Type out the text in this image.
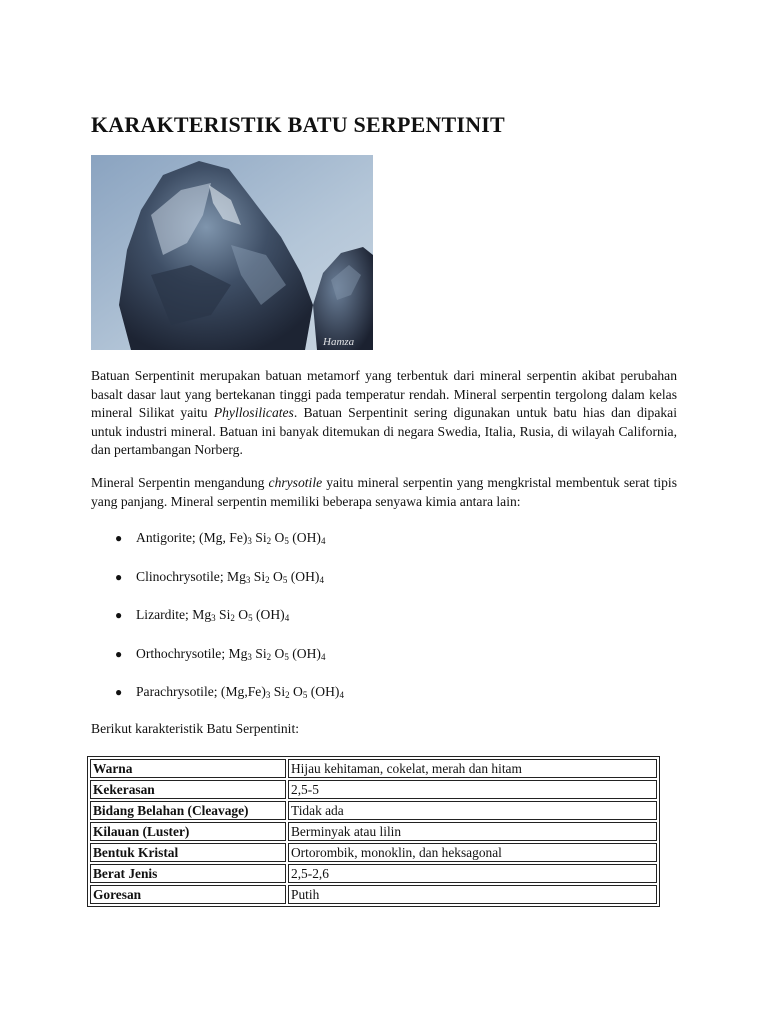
KARAKTERISTIK BATU SERPENTINIT
Hamza

Batuan Serpentinit merupakan batuan metamorf yang terbentuk dari mineral serpentin akibat perubahan basalt dasar laut yang bertekanan tinggi pada temperatur rendah. Mineral serpentin tergolong dalam kelas mineral Silikat yaitu Phyllosilicates. Batuan Serpentinit sering digunakan untuk batu hias dan dipakai untuk industri mineral. Batuan ini banyak ditemukan di negara Swedia, Italia, Rusia, di wilayah California, dan pertambangan Norberg.

Mineral Serpentin mengandung chrysotile yaitu mineral serpentin yang mengkristal membentuk serat tipis yang panjang. Mineral serpentin memiliki beberapa senyawa kimia antara lain:

● Antigorite; (Mg, $Fe)_3$ $Si_2$ $O_5$ $(OH)_4$
● Clinochrysotile; $Mg_3$ $Si_2$ $O_5$ $(OH)_4$
● Lizardite; $Mg_3$ $Si_2$ $O_5$ $(OH)_4$
● Orthochrysotile; $Mg_3$ $Si_2$ $O_5$ $(OH)_4$
● Parachrysotile; $(Mg,Fe)_3$ $Si_2$ $O_5$ $(OH)_4$

Berikut karakteristik Batu Serpentinit:

Warna	Hijau kehitaman, cokelat, merah dan hitam
Kekerasan	2,5-5
Bidang Belahan (Cleavage)	Tidak ada
Kilauan (Luster)	Berminyak atau lilin
Bentuk Kristal	Ortorombik, monoklin, dan heksagonal
Berat Jenis	2,5-2,6
Goresan	Putih
